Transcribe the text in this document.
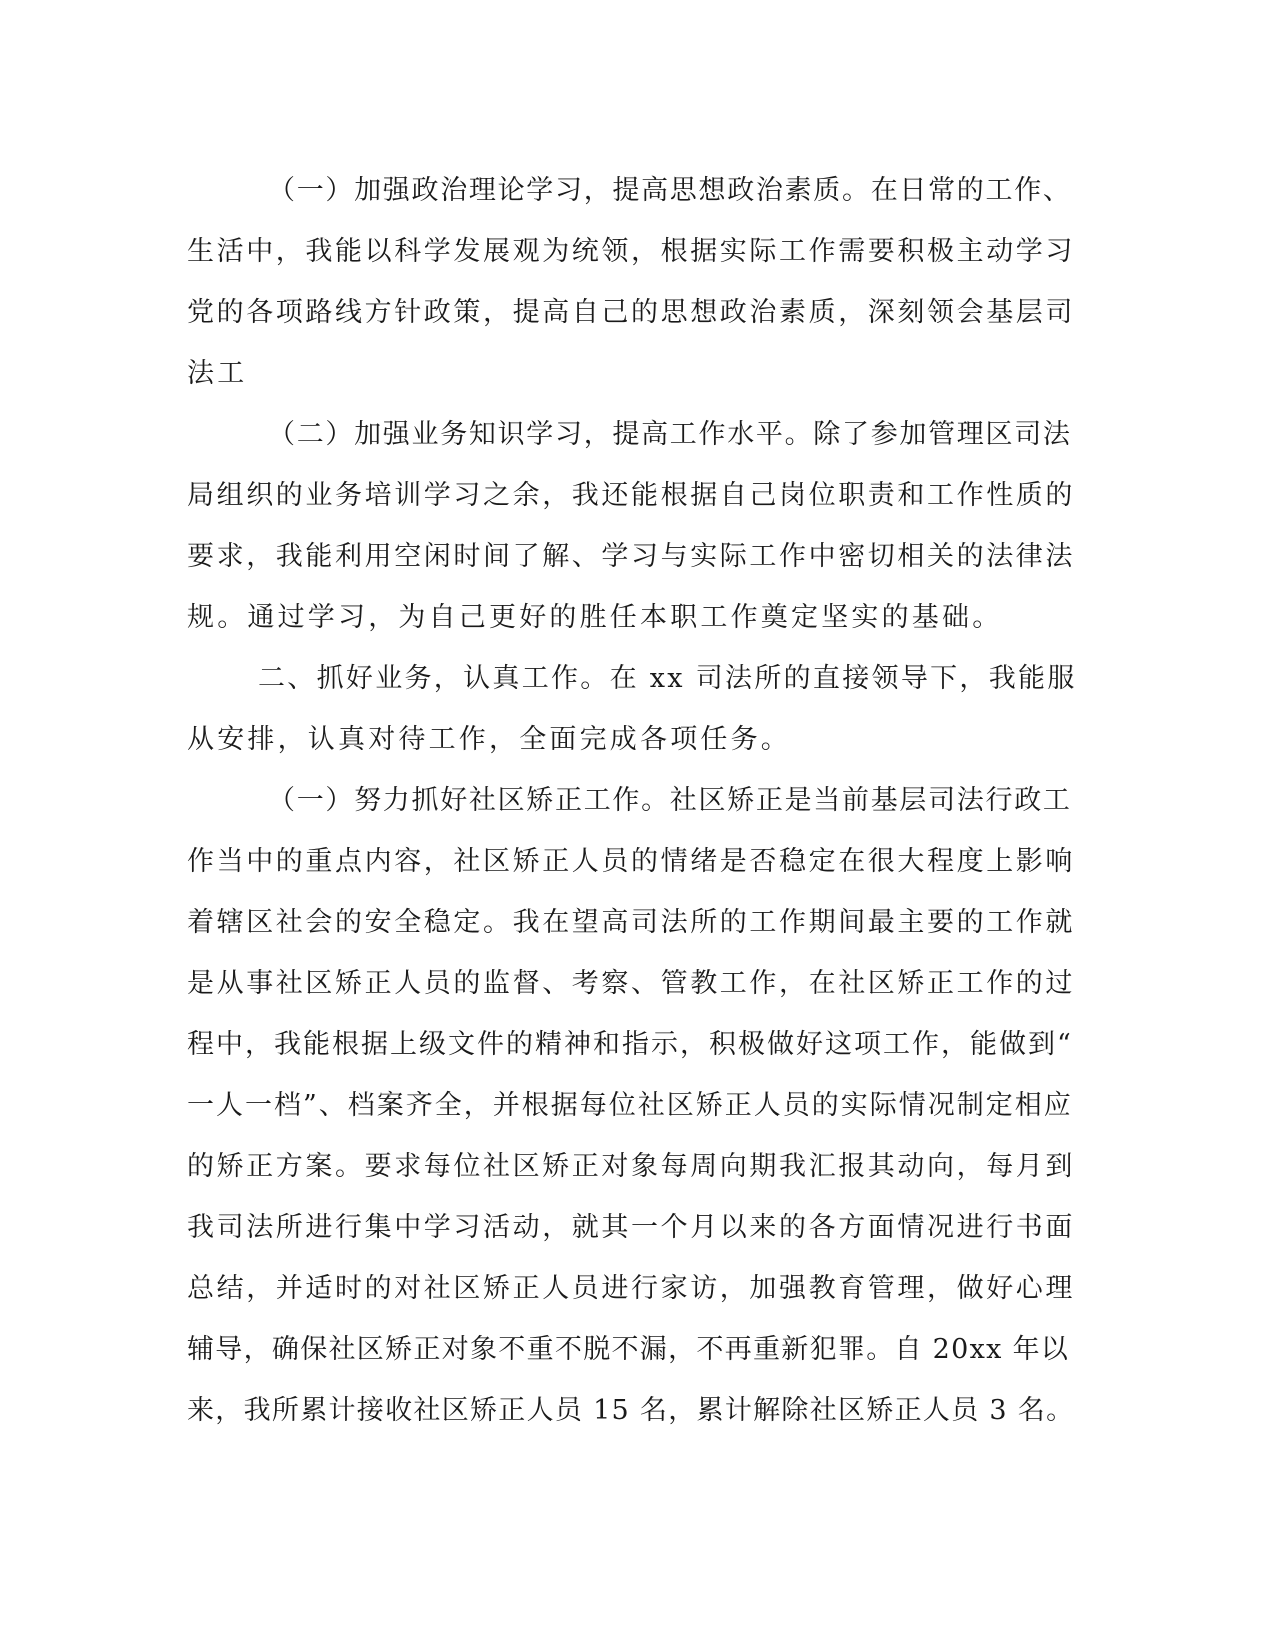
（一）加强政治理论学习，提高思想政治素质。在日常的工作、
生活中，我能以科学发展观为统领，根据实际工作需要积极主动学习
党的各项路线方针政策，提高自己的思想政治素质，深刻领会基层司
法工
（二）加强业务知识学习，提高工作水平。除了参加管理区司法
局组织的业务培训学习之余，我还能根据自己岗位职责和工作性质的
要求，我能利用空闲时间了解、学习与实际工作中密切相关的法律法
规。通过学习，为自己更好的胜任本职工作奠定坚实的基础。
二、抓好业务，认真工作。在 xx 司法所的直接领导下，我能服
从安排，认真对待工作，全面完成各项任务。
（一）努力抓好社区矫正工作。社区矫正是当前基层司法行政工
作当中的重点内容，社区矫正人员的情绪是否稳定在很大程度上影响
着辖区社会的安全稳定。我在望高司法所的工作期间最主要的工作就
是从事社区矫正人员的监督、考察、管教工作，在社区矫正工作的过
程中，我能根据上级文件的精神和指示，积极做好这项工作，能做到“
一人一档”、档案齐全，并根据每位社区矫正人员的实际情况制定相应
的矫正方案。要求每位社区矫正对象每周向期我汇报其动向，每月到
我司法所进行集中学习活动，就其一个月以来的各方面情况进行书面
总结，并适时的对社区矫正人员进行家访，加强教育管理，做好心理
辅导，确保社区矫正对象不重不脱不漏，不再重新犯罪。自 20xx 年以
来，我所累计接收社区矫正人员 15 名，累计解除社区矫正人员 3 名。
